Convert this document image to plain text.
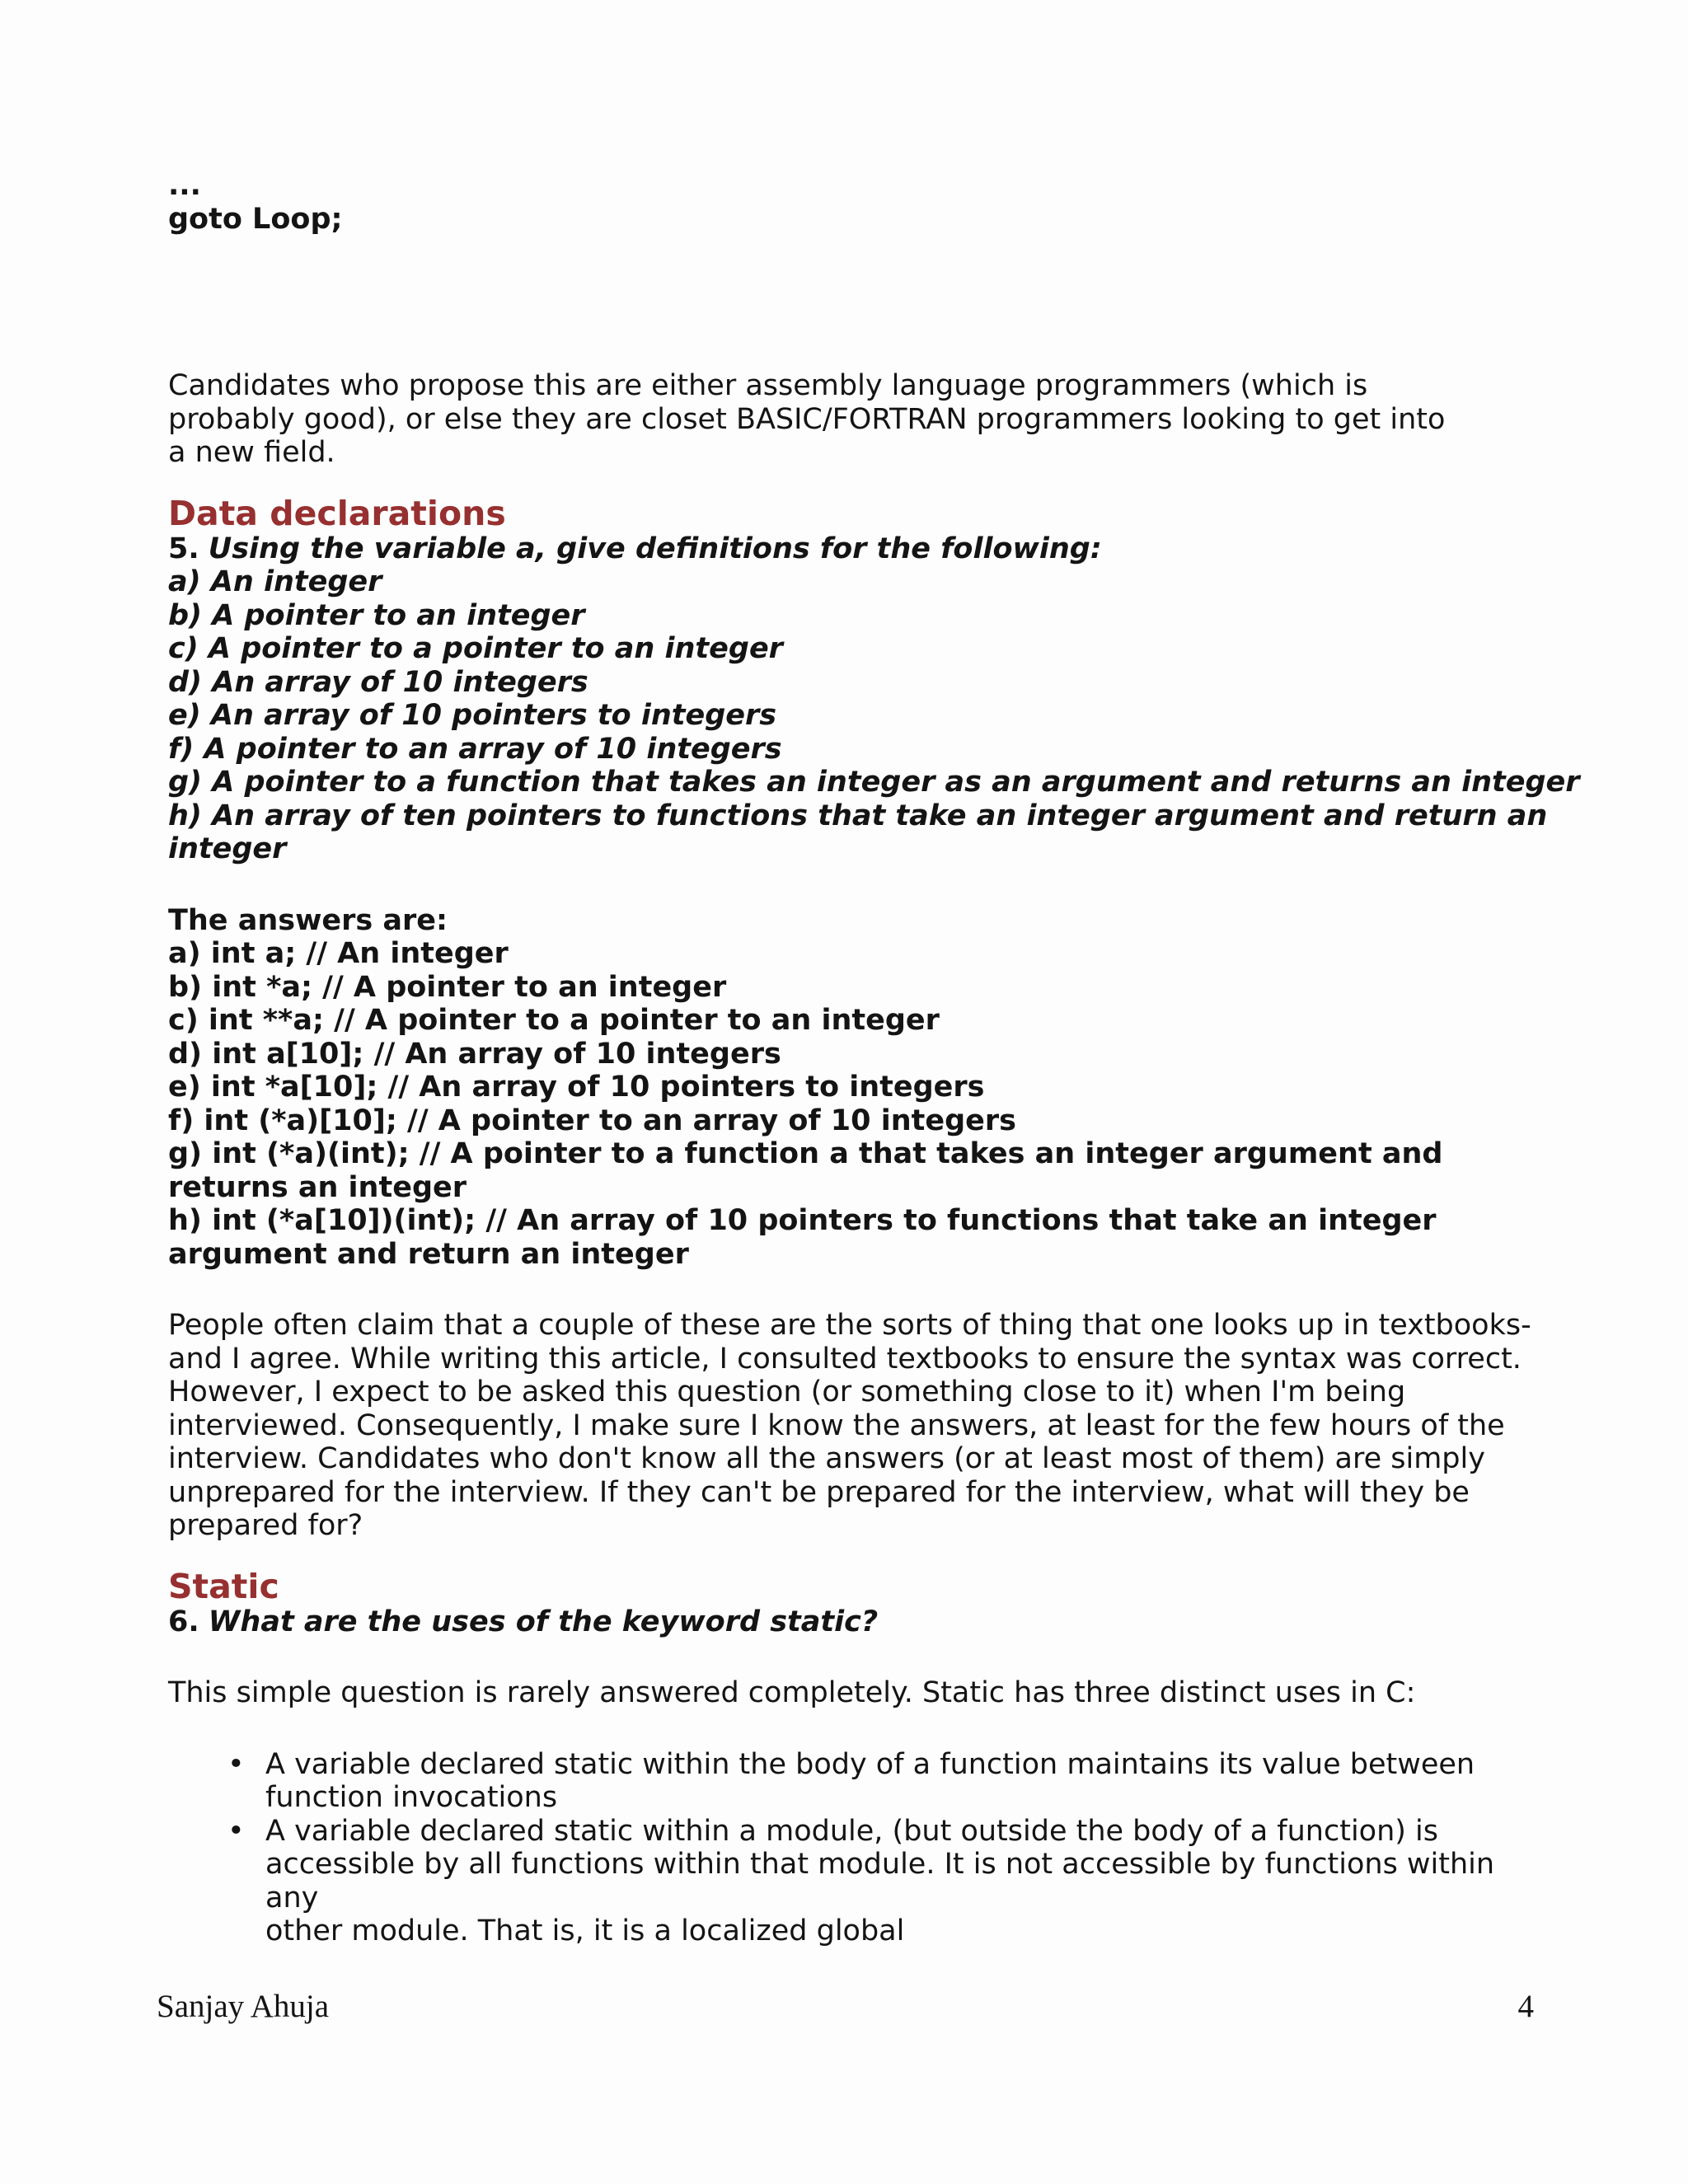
...

goto Loop;

Candidates who propose this are either assembly language programmers (which is probably good), or else they are closet BASIC/FORTRAN programmers looking to get into a new field.

Data declarations

5. Using the variable a, give definitions for the following:

a) An integer

b) A pointer to an integer

c) A pointer to a pointer to an integer

d) An array of 10 integers

e) An array of 10 pointers to integers

f) A pointer to an array of 10 integers

g) A pointer to a function that takes an integer as an argument and returns an integer

h) An array of ten pointers to functions that take an integer argument and return an

integer

The answers are:

a) int a; // An integer

b) int *a; // A pointer to an integer

c) int **a; // A pointer to a pointer to an integer

d) int a[10]; // An array of 10 integers

e) int *a[10]; // An array of 10 pointers to integers

f) int (*a)[10]; // A pointer to an array of 10 integers

g) int (*a)(int); // A pointer to a function a that takes an integer argument and

returns an integer

h) int (*a[10])(int); // An array of 10 pointers to functions that take an integer

argument and return an integer

People often claim that a couple of these are the sorts of thing that one looks up in textbooks-

and I agree. While writing this article, I consulted textbooks to ensure the syntax was correct.

However, I expect to be asked this question (or something close to it) when I'm being

interviewed. Consequently, I make sure I know the answers, at least for the few hours of the

interview. Candidates who don't know all the answers (or at least most of them) are simply

unprepared for the interview. If they can't be prepared for the interview, what will they be

prepared for?

Static

6. What are the uses of the keyword static?

This simple question is rarely answered completely. Static has three distinct uses in C:

• A variable declared static within the body of a function maintains its value between
function invocations
• A variable declared static within a module, (but outside the body of a function) is
accessible by all functions within that module. It is not accessible by functions within any
other module. That is, it is a localized global
Sanjay Ahuja	4
